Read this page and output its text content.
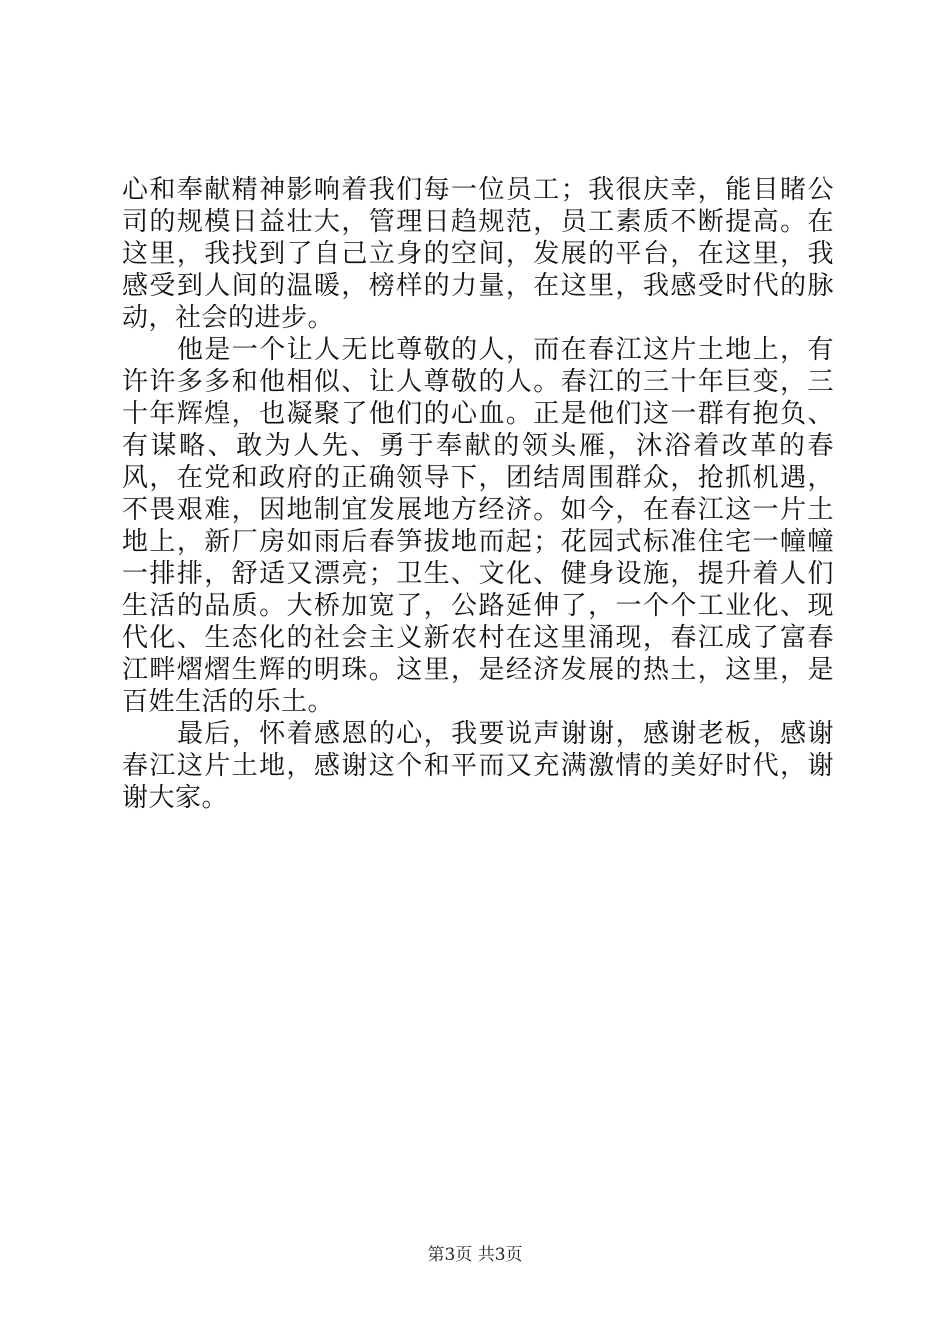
心和奉献精神影响着我们每一位员工；我很庆幸，能目睹公司的规模日益壮大，管理日趋规范，员工素质不断提高。在这里，我找到了自己立身的空间，发展的平台，在这里，我感受到人间的温暖，榜样的力量，在这里，我感受时代的脉动，社会的进步。

他是一个让人无比尊敬的人，而在春江这片土地上，有许许多多和他相似、让人尊敬的人。春江的三十年巨变，三十年辉煌，也凝聚了他们的心血。正是他们这一群有抱负、有谋略、敢为人先、勇于奉献的领头雁，沐浴着改革的春风，在党和政府的正确领导下，团结周围群众，抢抓机遇，不畏艰难，因地制宜发展地方经济。如今，在春江这一片土地上，新厂房如雨后春笋拔地而起；花园式标准住宅一幢幢一排排，舒适又漂亮；卫生、文化、健身设施，提升着人们生活的品质。大桥加宽了，公路延伸了，一个个工业化、现代化、生态化的社会主义新农村在这里涌现，春江成了富春江畔熠熠生辉的明珠。这里，是经济发展的热土，这里，是百姓生活的乐土。

最后，怀着感恩的心，我要说声谢谢，感谢老板，感谢春江这片土地，感谢这个和平而又充满激情的美好时代，谢谢大家。

第3页 共3页
